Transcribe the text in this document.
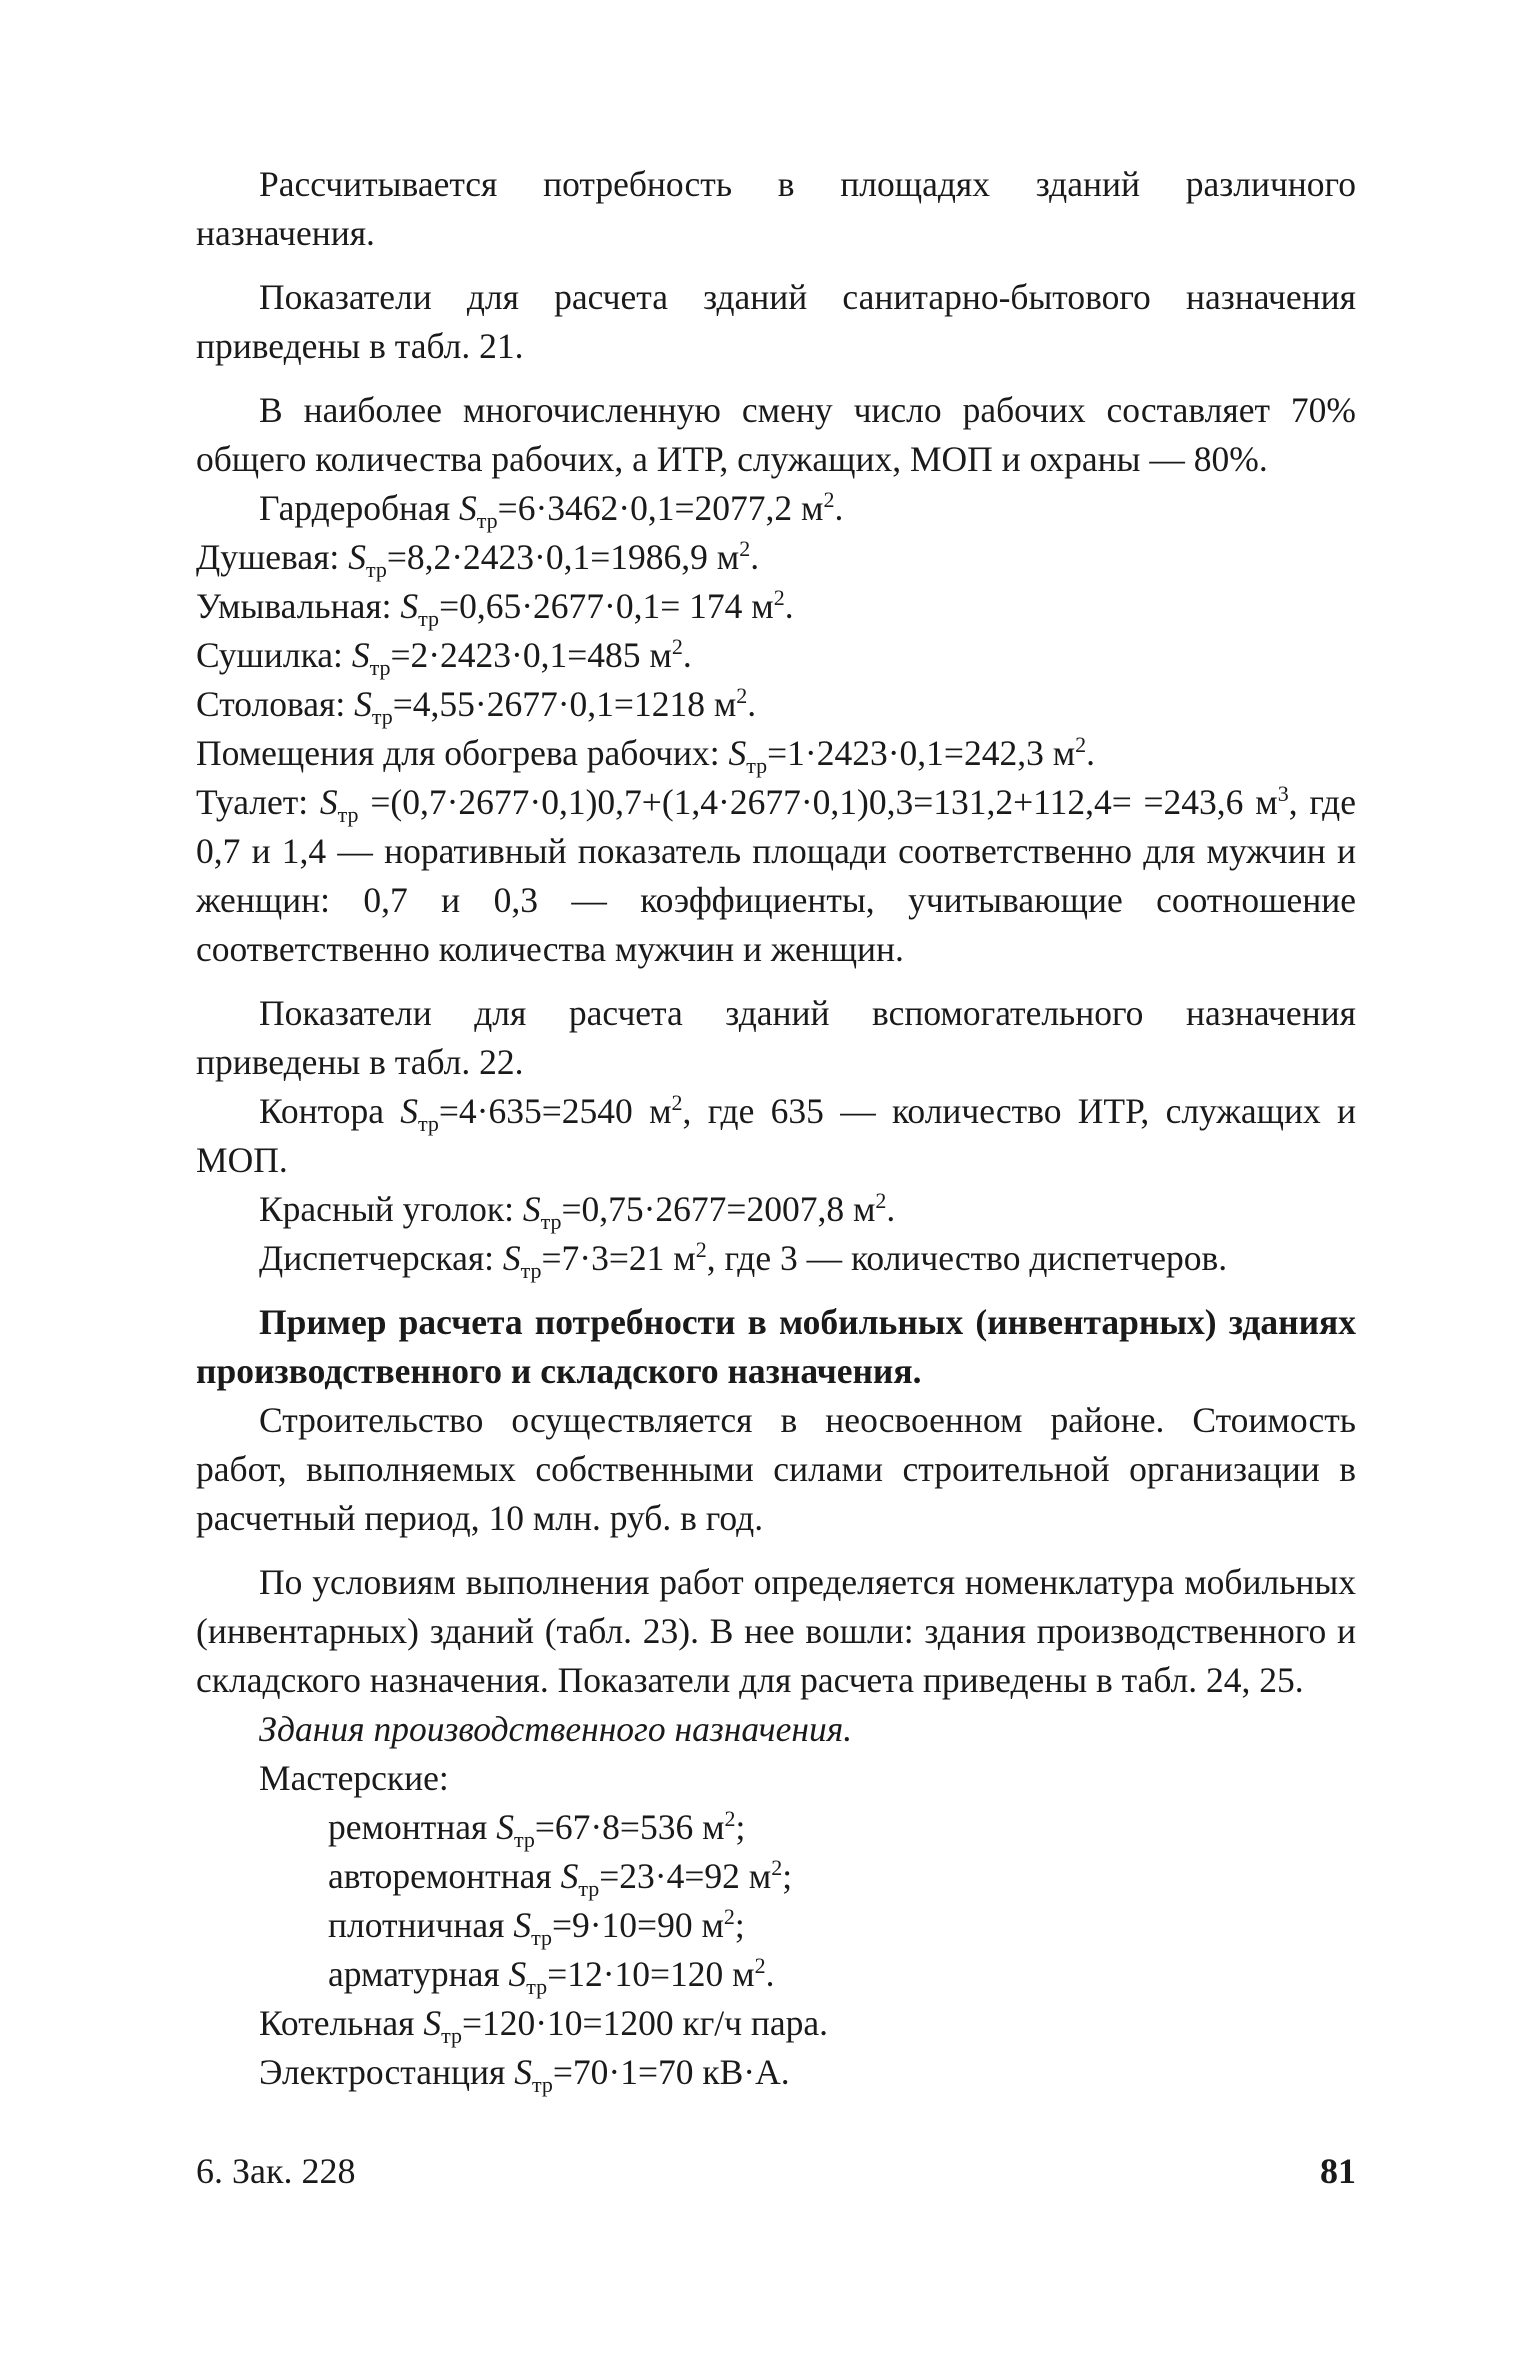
Рассчитывается потребность в площадях зданий различного назначения.

Показатели для расчета зданий санитарно-бытового назначения приведены в табл. 21.

В наиболее многочисленную смену число рабочих составляет 70% общего количества рабочих, а ИТР, служащих, МОП и охраны — 80%.

Гардеробная $S_{тр}=6\cdot 3462\cdot 0,1=2077,2$ $м^2$.
Душевая: $S_{тр}=8,2\cdot 2423\cdot 0,1=1986,9$ $м^2$.
Умывальная: $S_{тр}=0,65\cdot 2677\cdot 0,1= 174$ $м^2$.
Сушилка: $S_{тр}=2\cdot 2423\cdot 0,1=485$ $м^2$.
Столовая: $S_{тр}=4,55\cdot 2677\cdot 0,1=1218$ $м^2$.
Помещения для обогрева рабочих: $S_{тр}=1\cdot 2423\cdot 0,1=242,3$ $м^2$.

Туалет: $S_{тр} =(0,7\cdot 2677\cdot 0,1)0,7+(1,4\cdot 2677\cdot 0,1)0,3=131,2+112,4= =243,6$ $м^3$, где 0,7 и 1,4 — норативный показатель площади соответственно для мужчин и женщин: 0,7 и 0,3 — коэффициенты, учитывающие соотношение соответственно количества мужчин и женщин.

Показатели для расчета зданий вспомогательного назначения приведены в табл. 22.

Контора $S_{тр}=4\cdot 635=2540$ $м^2$, где 635 — количество ИТР, служащих и МОП.

Красный уголок: $S_{тр}=0,75\cdot 2677=2007,8$ $м^2$.

Диспетчерская: $S_{тр}=7\cdot 3=21$ $м^2$, где 3 — количество диспетчеров.

Пример расчета потребности в мобильных (инвентарных) зданиях производственного и складского назначения.

Строительство осуществляется в неосвоенном районе. Стоимость работ, выполняемых собственными силами строительной организации в расчетный период, 10 млн. руб. в год.

По условиям выполнения работ определяется номенклатура мобильных (инвентарных) зданий (табл. 23). В нее вошли: здания производственного и складского назначения. Показатели для расчета приведены в табл. 24, 25.

Здания производственного назначения.
Мастерские:
ремонтная $S_{тр}=67\cdot 8=536$ $м^2$;
авторемонтная $S_{тр}=23\cdot 4=92$ $м^2$;
плотничная $S_{тр}=9\cdot 10=90$ $м^2$;
арматурная $S_{тр}=12\cdot 10=120$ $м^2$.
Котельная $S_{тр}=120\cdot 10=1200$ кг/ч пара.
Электростанция $S_{тр}=70\cdot 1=70$ кВ·А.
6. Зак. 228	81
